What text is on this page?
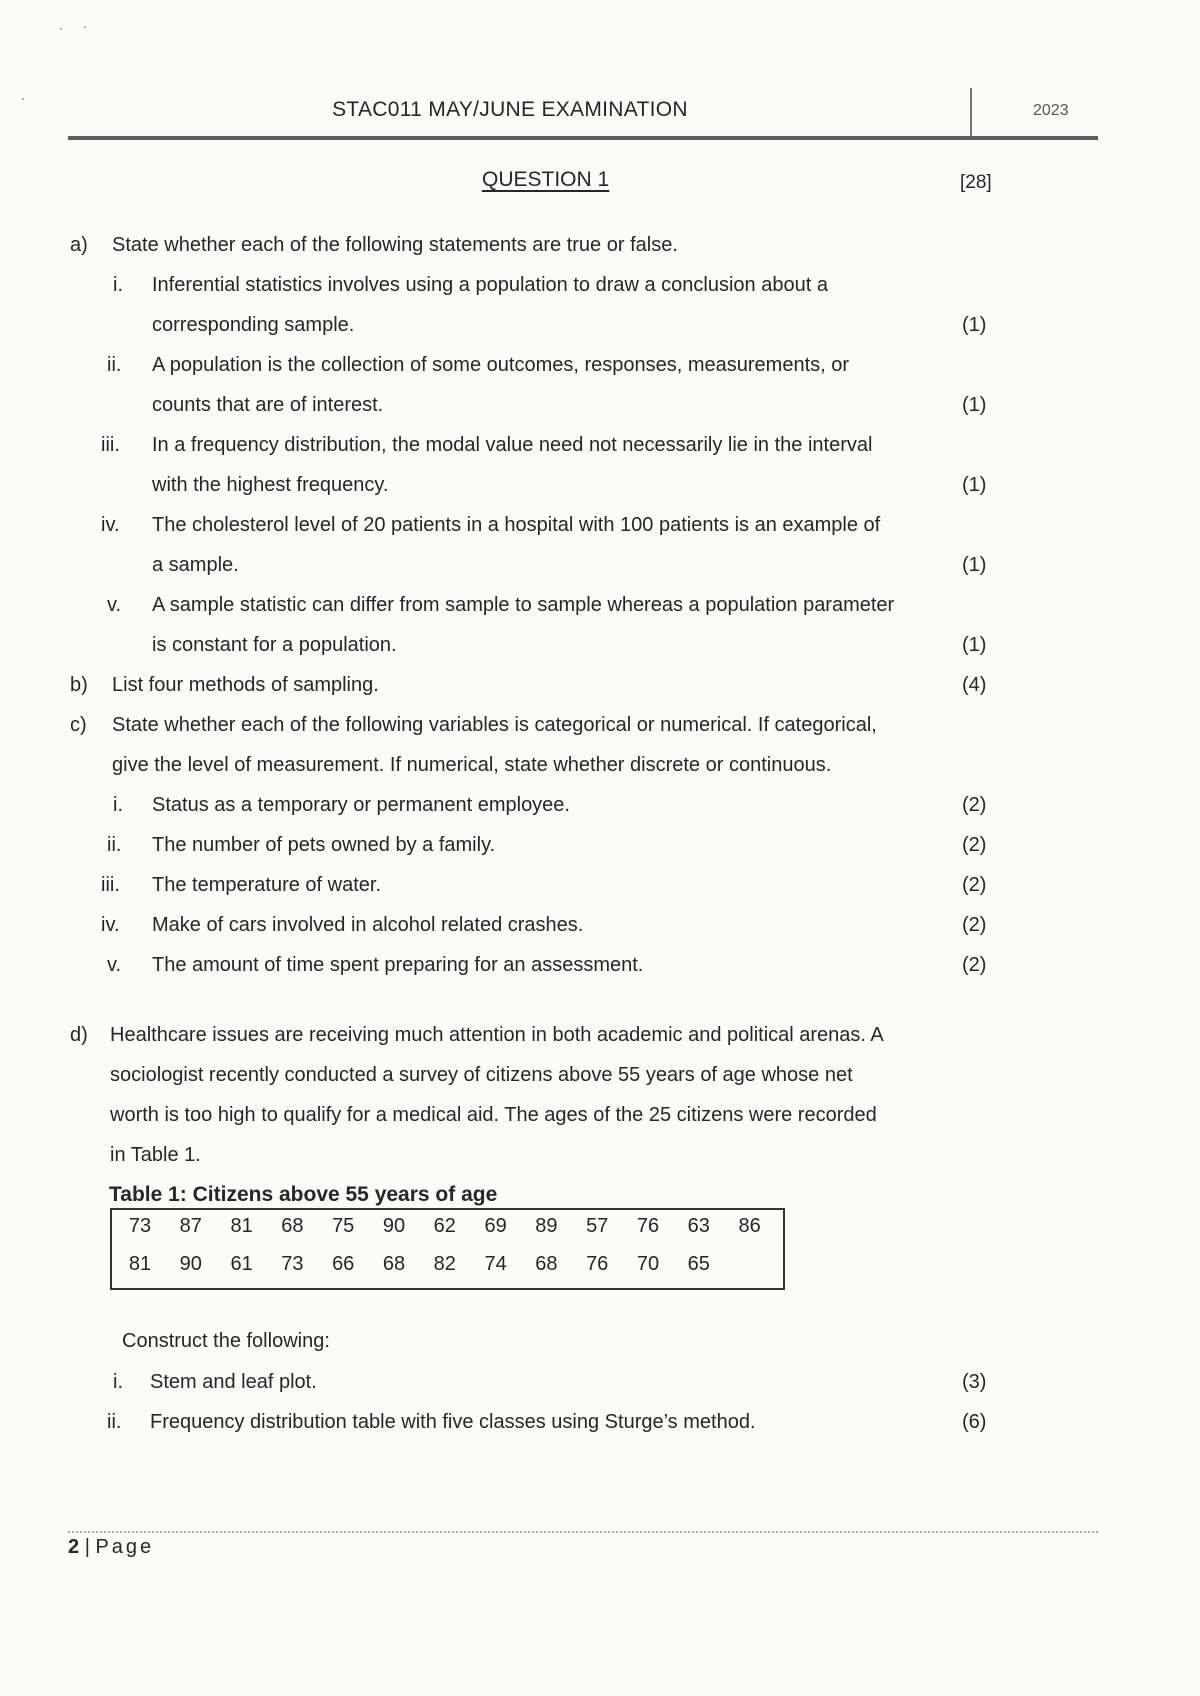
STAC011 MAY/JUNE EXAMINATION	2023
QUESTION 1	[28]
a) State whether each of the following statements are true or false.
i. Inferential statistics involves using a population to draw a conclusion about a
corresponding sample.	(1)
ii. A population is the collection of some outcomes, responses, measurements, or
counts that are of interest.	(1)
iii. In a frequency distribution, the modal value need not necessarily lie in the interval
with the highest frequency.	(1)
iv. The cholesterol level of 20 patients in a hospital with 100 patients is an example of
a sample.	(1)
v. A sample statistic can differ from sample to sample whereas a population parameter
is constant for a population.	(1)
b) List four methods of sampling.	(4)
c) State whether each of the following variables is categorical or numerical. If categorical,
give the level of measurement. If numerical, state whether discrete or continuous.
i. Status as a temporary or permanent employee.	(2)
ii. The number of pets owned by a family.	(2)
iii. The temperature of water.	(2)
iv. Make of cars involved in alcohol related crashes.	(2)
v. The amount of time spent preparing for an assessment.	(2)
d) Healthcare issues are receiving much attention in both academic and political arenas. A
sociologist recently conducted a survey of citizens above 55 years of age whose net
worth is too high to qualify for a medical aid. The ages of the 25 citizens were recorded
in Table 1.
Table 1: Citizens above 55 years of age
73	87	81	68	75	90	62	69	89	57	76	63	86
81	90	61	73	66	68	82	74	68	76	70	65
Construct the following:
i. Stem and leaf plot.	(3)
ii. Frequency distribution table with five classes using Sturge’s method.	(6)
2 | Page
